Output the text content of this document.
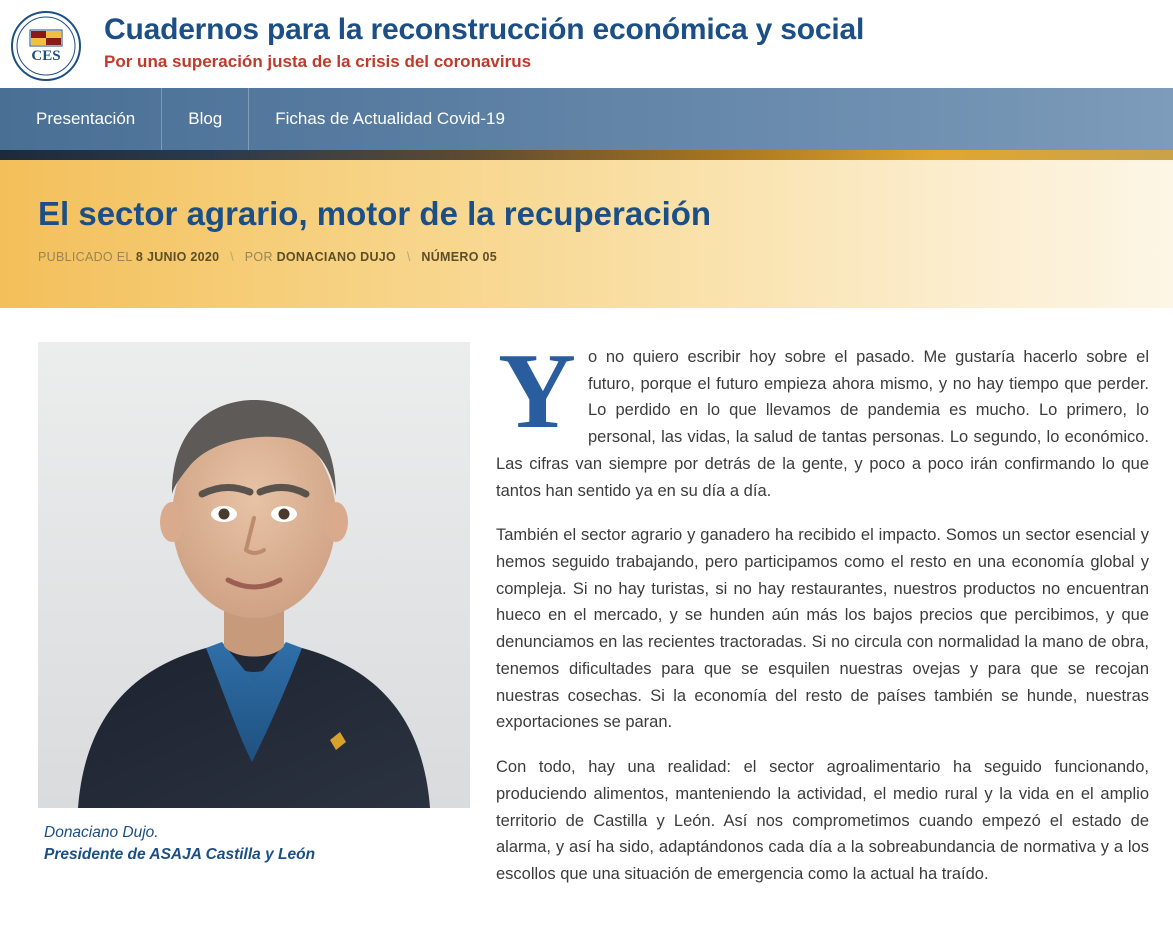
CES
Cuadernos para la reconstrucción económica y social

Por una superación justa de la crisis del coronavirus

Presentación	Blog	Fichas de Actualidad Covid-19
El sector agrario, motor de la recuperación
PUBLICADO EL 8 JUNIO 2020 \ POR DONACIANO DUJO \ NÚMERO 05
Donaciano Dujo.
Presidente de ASAJA Castilla y León

Yo no quiero escribir hoy sobre el pasado. Me gustaría hacerlo sobre el futuro, porque el futuro empieza ahora mismo, y no hay tiempo que perder. Lo perdido en lo que llevamos de pandemia es mucho. Lo primero, lo personal, las vidas, la salud de tantas personas. Lo segundo, lo económico. Las cifras van siempre por detrás de la gente, y poco a poco irán confirmando lo que tantos han sentido ya en su día a día.

También el sector agrario y ganadero ha recibido el impacto. Somos un sector esencial y hemos seguido trabajando, pero participamos como el resto en una economía global y compleja. Si no hay turistas, si no hay restaurantes, nuestros productos no encuentran hueco en el mercado, y se hunden aún más los bajos precios que percibimos, y que denunciamos en las recientes tractoradas. Si no circula con normalidad la mano de obra, tenemos dificultades para que se esquilen nuestras ovejas y para que se recojan nuestras cosechas. Si la economía del resto de países también se hunde, nuestras exportaciones se paran.

Con todo, hay una realidad: el sector agroalimentario ha seguido funcionando, produciendo alimentos, manteniendo la actividad, el medio rural y la vida en el amplio territorio de Castilla y León. Así nos comprometimos cuando empezó el estado de alarma, y así ha sido, adaptándonos cada día a la sobreabundancia de normativa y a los escollos que una situación de emergencia como la actual ha traído.
